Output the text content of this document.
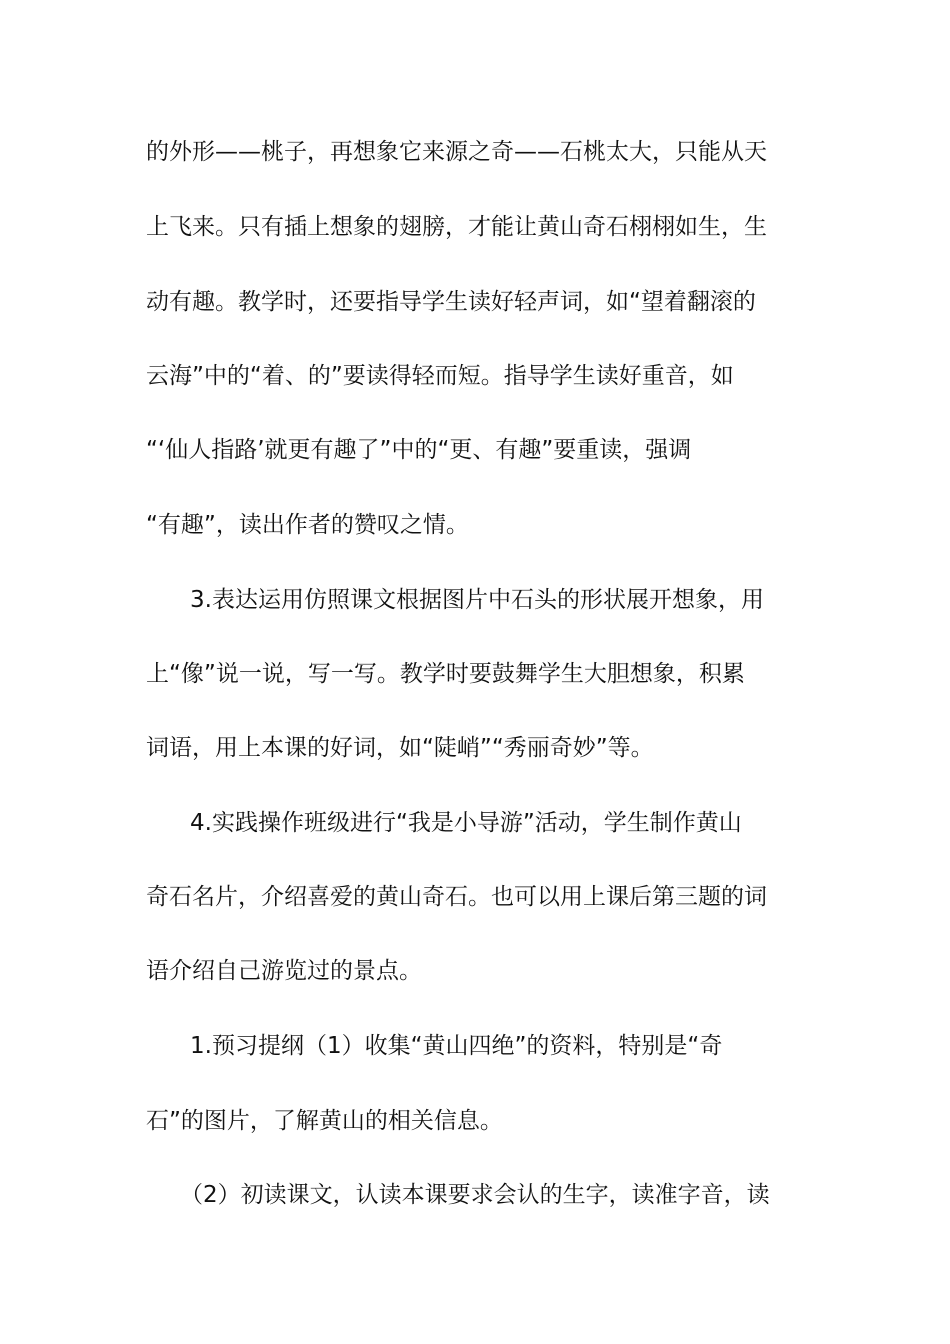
的外形——桃子，再想象它来源之奇——石桃太大，只能从天
上飞来。只有插上想象的翅膀，才能让黄山奇石栩栩如生，生
动有趣。教学时，还要指导学生读好轻声词，如“望着翻滚的
云海”中的“着、的”要读得轻而短。指导学生读好重音，如
“‘仙人指路’就更有趣了”中的“更、有趣”要重读，强调
“有趣”，读出作者的赞叹之情。
3.表达运用仿照课文根据图片中石头的形状展开想象，用
上“像”说一说，写一写。教学时要鼓舞学生大胆想象，积累
词语，用上本课的好词，如“陡峭”“秀丽奇妙”等。
4.实践操作班级进行“我是小导游”活动，学生制作黄山
奇石名片，介绍喜爱的黄山奇石。也可以用上课后第三题的词
语介绍自己游览过的景点。
1.预习提纲（1）收集“黄山四绝”的资料，特别是“奇
石”的图片，了解黄山的相关信息。
（2）初读课文，认读本课要求会认的生字，读准字音，读
